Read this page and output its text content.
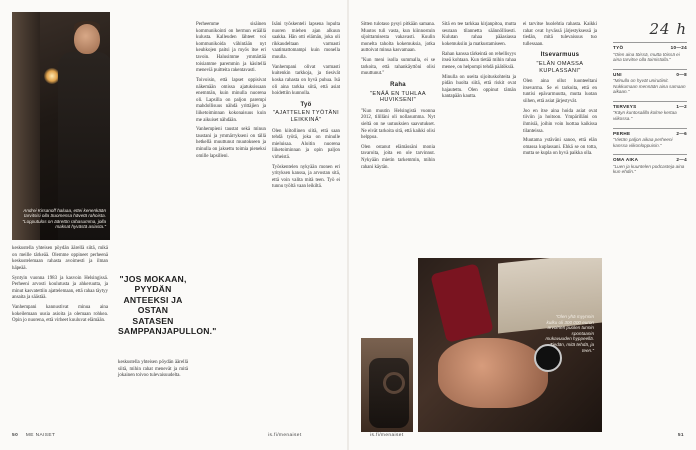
Andrei Kirsanoff haluaa, ettei kenenkään tarvitsisi olla Suomessa hävetä rahoista. "Lopputulos on ääretön rahasumma, jolla maksat hyvästä asiasta."

Perheemme sisäinen kommunikointi on hermun eräällä kulusta. Kalleuden lähteet voi kommunikoida vähintään nyt keuhkojen paitsi ja myös itse eri tavoin. Halusimme ymmärtää toisiamme paremmin ja käsitellä meneviä puitteita rakentavasti.

Toivoisin, että lapset oppisivat näkemään omissa ajatuksissaan enemmän, kuin minulla nuorena oli. Lapsilla on paljon parempi mahdollisuus nähdä yrittäjien ja liiketoiminnan kokonaisuus kuin me aikuiset nähdään.

Vanhempieni taustat sekä minun taustani ja ymmärrykseni on tällä hetkellä muuttunut muutokseen ja minulla on jaksettu toimia pieneksi omille lapsilleni.

Isäni työskenteli lapsena lopulta nuoren miehen ajan alkuun saakka. Hän otti elämän, joka oli rikkaudeltaan varmasti vaatimattomampi kuin monella muulla.

Vanhempani olivat varmasti kuitenkin tarkkoja, ja tiesivät koska rahasta on hyvä puhua. Isä oli aina tarkka siitä, että asiat hoidettiin kunnolla.

Työ
"AJATTELEN TYÖTÄNI LEIKKINÄ"

Olen kiitollinen siitä, että saan tehdä työtä, joka on minulle mieluisaa. Aloitin nuorena liiketoiminnan ja opin paljon virheistä.

Työskentelen nykyään monen eri yrityksen kanssa, ja arvostan sitä, että voin valita mitä teen. Työ ei tunnu työltä vaan leikiltä.

"JOS MOKAAN, PYYDÄN ANTEEKSI JA OSTAN SATASEN SAMPPANJAPULLON."

keskustella yhteisen pöydän äärellä siitä, mikä on meille tärkeää. Olemme oppineet perheenä keskustelemaan rahasta avoimesti ja ilman häpeää.

Syntyin vuonna 1983 ja kasvoin Helsingissä. Perheeni arvosti koulutusta ja ahkeruutta, ja minut kasvatettiin ajattelemaan, että rahaa täytyy ansaita ja säästää.

Vanhempani kannustivat minua aina kokeilemaan uusia asioita ja olemaan rohkea. Opin jo nuorena, että virheet kuuluvat elämään.

keskustella yhteisen pöydän äärellä siitä, mihin rahat menevät ja mitä jokainen toivoo tulevaisuudelta.

Sitten tulotaso pysyi pitkään samana. Muutos tuli vasta, kun kiinnostuin sijoittamisesta vakavasti. Kuulin monelta taholta kokemuksia, jotka auttoivat minua kasvamaan.

"Kun meni isolla summalla, ei se tarkoita, että rahankäyttöni olisi muuttunut."

Raha
"ENÄÄ EN TUHLAA HUVIKSENI"

"Kun muutin Helsingistä vuonna 2012, tililläni oli nollasumma. Nyt sieltä on ne uutuuksien saavutukset. Ne eivät tarkoita sitä, että kaikki olisi helppoa.

Olen ostanut elämässäni monia tavaroita, joita en ole tarvinnut. Nykyään mietin tarkemmin, mihin rahani käytän.

Sitä en tee tarkkaa kirjanpitoa, mutta seuraan tilannetta säännöllisesti. Kulutan rahaa pääasiassa kokemuksiin ja matkustamiseen.

Rahan kanssa tärkeintä on rehellisyys itseä kohtaan. Kun tietää mihin rahaa menee, on helpompi tehdä päätöksiä.

Minulla on useita sijoituskohteita ja pidän huolta siitä, että riskit ovat hajautettu. Olen oppinut tämän kantapään kautta.

ei tarvitse huolehtia rahasta. Kaikki rahat ovat hyvässä järjestyksessä ja tiedän, mitä tulevaisuus tuo tullessaan.

Itsevarmuus
"ELÄN OMASSA KUPLASSANI"

Olen aina ollut luonteeltani itsevarma. Se ei tarkoita, että en tuntisi epävarmuutta, mutta luotan siihen, että asiat järjestyvät.

Joo en itse aina hoida asiat ovat tiiviin ja hoitoon. Ympärilläni on ihmisiä, joihin voin luottaa kaikissa tilanteissa.

Muutama ystäväni sanoo, että elän omassa kuplassani. Ehkä se on totta, mutta se kupla on hyvä paikka olla.

"Olen yhä myynnin kulku oli 300 000 euron arvoinen puolen tunnin spontaanin mukavuuden hyppeellä. Tiedän, mitä tehdä, ja teen."
24 h
TYÖ	10—24
"Olen aina töissä, mutta töissä ei aina tarvitse olla toimistolla."
UNI	0—8
"Minulla on hyvät unirutiinit. Nukkumaan mennään aina samaan aikaan."
TERVEYS	1—2
"Käyn kuntosalilla kolme kertaa viikossa."
PERHE	2—6
"Vietän paljon aikaa perheeni kanssa viikonloppuisin."
OMA AIKA	2—4
"Luen ja kuuntelen podcasteja aina kun ehdin."
50 ME NAISET	is.fi/menaiset	is.fi/menaiset	51
